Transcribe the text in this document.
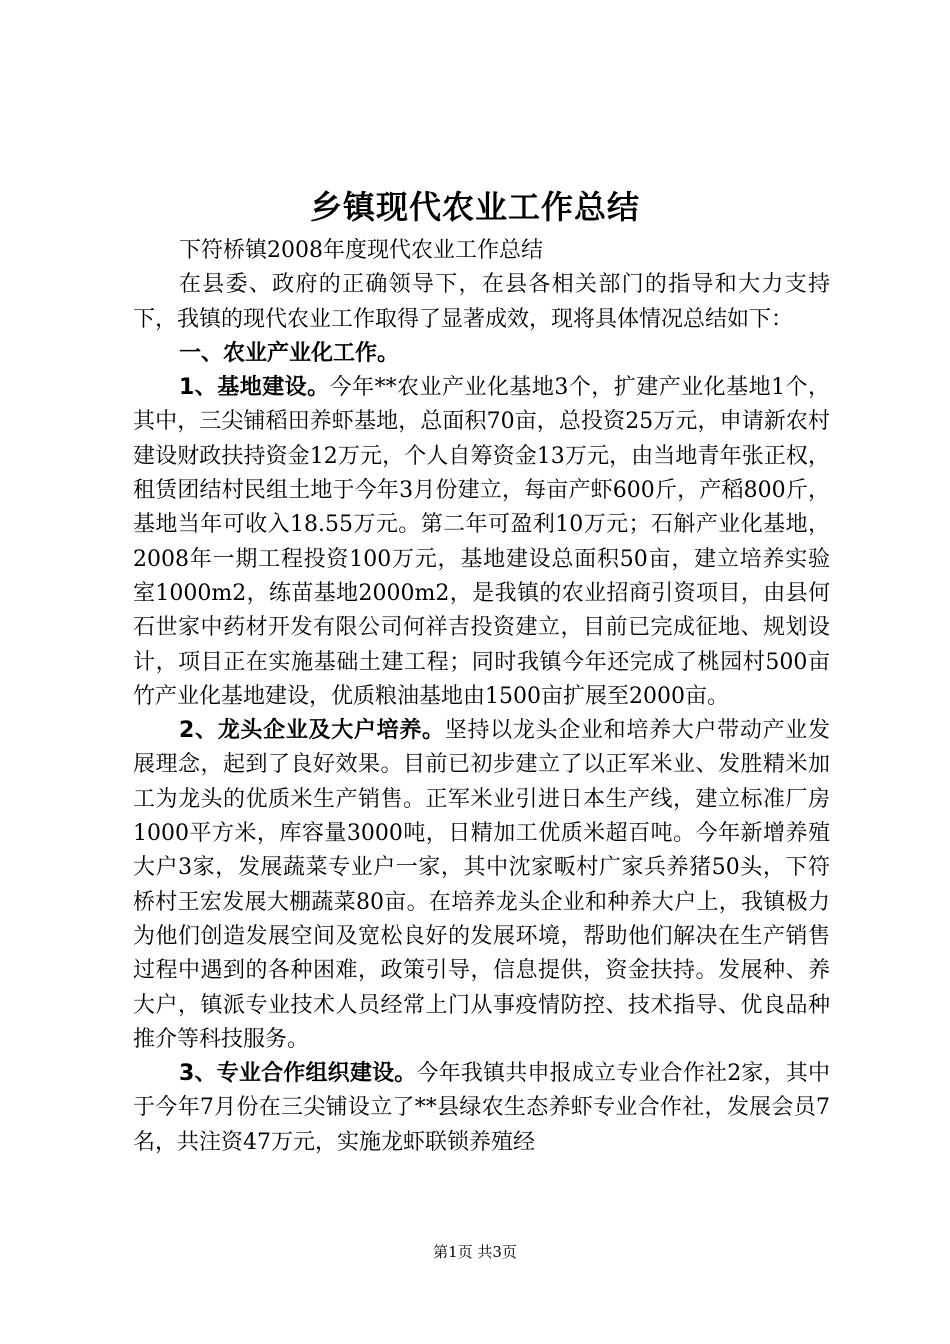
乡镇现代农业工作总结

下符桥镇2008年度现代农业工作总结

在县委、政府的正确领导下，在县各相关部门的指导和大力支持下，我镇的现代农业工作取得了显著成效，现将具体情况总结如下：

一、农业产业化工作。

1、基地建设。今年**农业产业化基地3个，扩建产业化基地1个，其中，三尖铺稻田养虾基地，总面积70亩，总投资25万元，申请新农村建设财政扶持资金12万元，个人自筹资金13万元，由当地青年张正权，租赁团结村民组土地于今年3月份建立，每亩产虾600斤，产稻800斤，基地当年可收入18.55万元。第二年可盈利10万元；石斛产业化基地，2008年一期工程投资100万元，基地建设总面积50亩，建立培养实验室1000m2，练苗基地2000m2，是我镇的农业招商引资项目，由县何石世家中药材开发有限公司何祥吉投资建立，目前已完成征地、规划设计，项目正在实施基础土建工程；同时我镇今年还完成了桃园村500亩竹产业化基地建设，优质粮油基地由1500亩扩展至2000亩。

2、龙头企业及大户培养。坚持以龙头企业和培养大户带动产业发展理念，起到了良好效果。目前已初步建立了以正军米业、发胜精米加工为龙头的优质米生产销售。正军米业引进日本生产线，建立标准厂房1000平方米，库容量3000吨，日精加工优质米超百吨。今年新增养殖大户3家，发展蔬菜专业户一家，其中沈家畈村广家兵养猪50头，下符桥村王宏发展大棚蔬菜80亩。在培养龙头企业和种养大户上，我镇极力为他们创造发展空间及宽松良好的发展环境，帮助他们解决在生产销售过程中遇到的各种困难，政策引导，信息提供，资金扶持。发展种、养大户，镇派专业技术人员经常上门从事疫情防控、技术指导、优良品种推介等科技服务。

3、专业合作组织建设。今年我镇共申报成立专业合作社2家，其中于今年7月份在三尖铺设立了**县绿农生态养虾专业合作社，发展会员7名，共注资47万元，实施龙虾联锁养殖经

第1页 共3页
